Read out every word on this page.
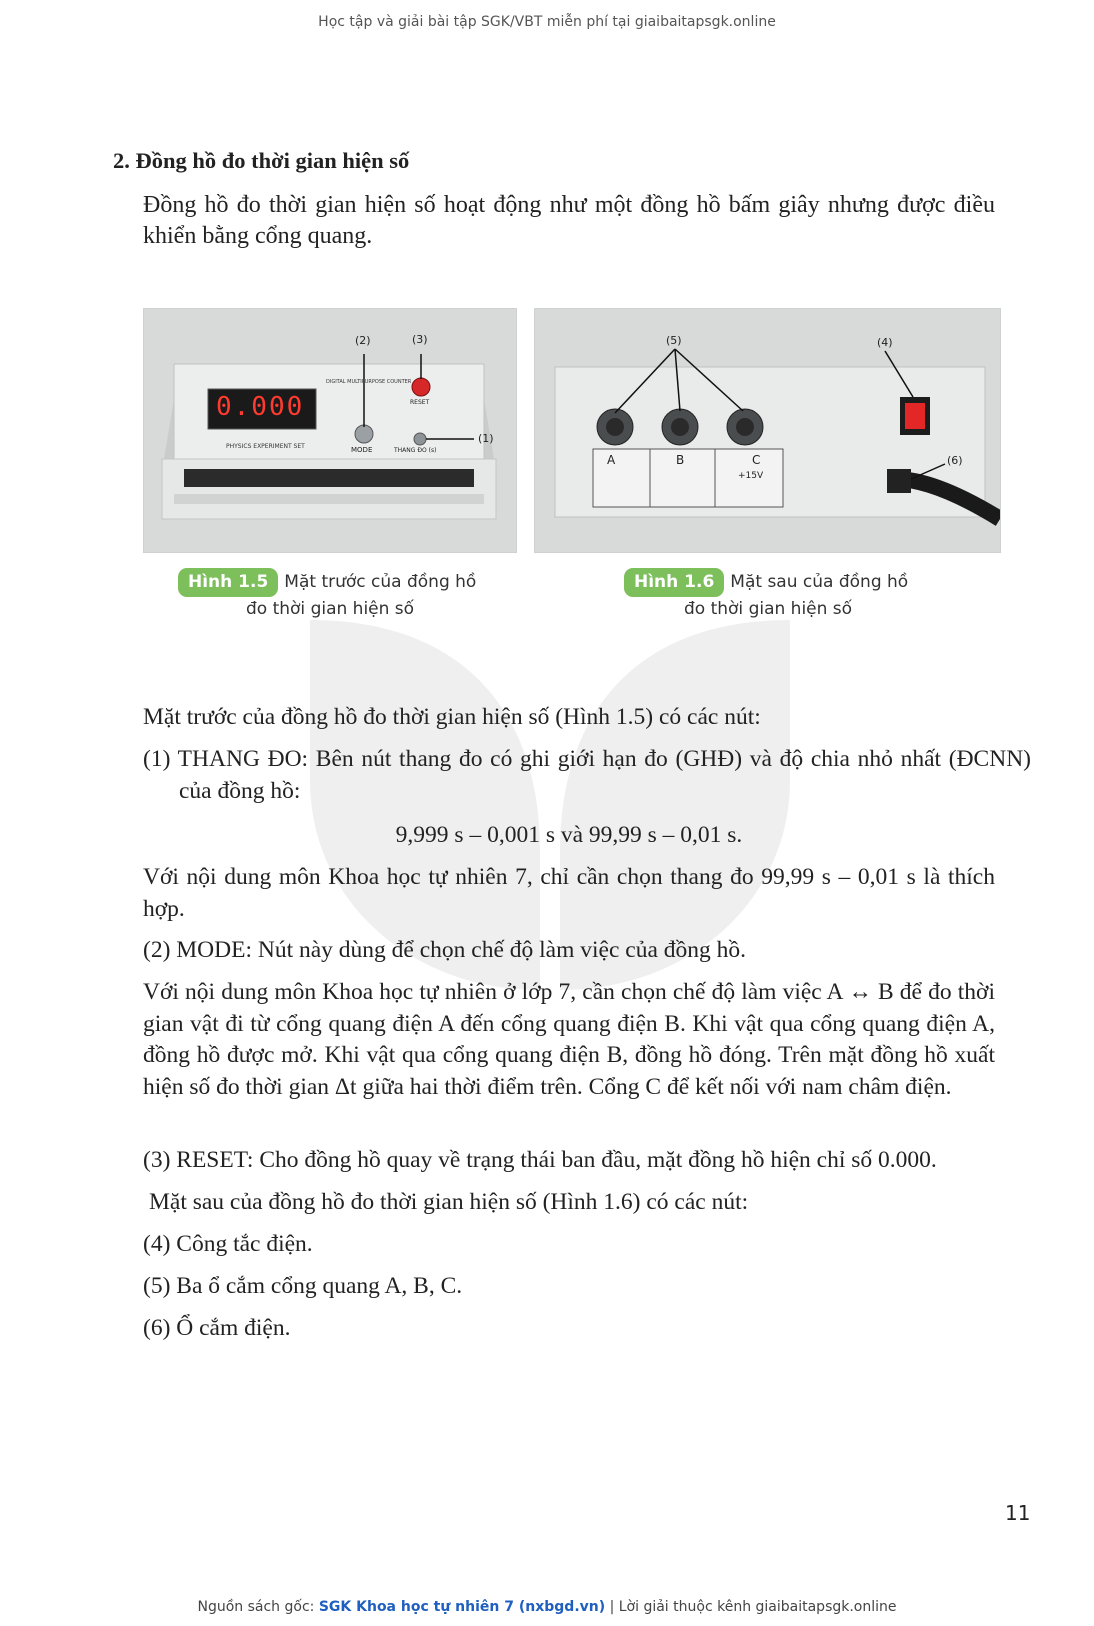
Học tập và giải bài tập SGK/VBT miễn phí tại giaibaitapsgk.online
2. Đồng hồ đo thời gian hiện số
Đồng hồ đo thời gian hiện số hoạt động như một đồng hồ bấm giây nhưng được điều khiển bằng cổng quang.
0.000
DIGITAL MULTIPURPOSE COUNTER
PHYSICS EXPERIMENT SET	MODE
RESET
THANG ĐO (s)
(2)	(3)
(1)
Hình 1.5 Mặt trước của đồng hồ
đo thời gian hiện số
A	B	C
+15V
(5)	(4)
(6)
Hình 1.6 Mặt sau của đồng hồ
đo thời gian hiện số
Mặt trước của đồng hồ đo thời gian hiện số (Hình 1.5) có các nút:
(1) THANG ĐO: Bên nút thang đo có ghi giới hạn đo (GHĐ) và độ chia nhỏ nhất (ĐCNN) của đồng hồ:
9,999 s – 0,001 s và 99,99 s – 0,01 s.
Với nội dung môn Khoa học tự nhiên 7, chỉ cần chọn thang đo 99,99 s – 0,01 s là thích hợp.
(2) MODE: Nút này dùng để chọn chế độ làm việc của đồng hồ.
Với nội dung môn Khoa học tự nhiên ở lớp 7, cần chọn chế độ làm việc A ↔ B để đo thời gian vật đi từ cổng quang điện A đến cổng quang điện B. Khi vật qua cổng quang điện A, đồng hồ được mở. Khi vật qua cổng quang điện B, đồng hồ đóng. Trên mặt đồng hồ xuất hiện số đo thời gian Δt giữa hai thời điểm trên. Cổng C để kết nối với nam châm điện.
(3) RESET: Cho đồng hồ quay về trạng thái ban đầu, mặt đồng hồ hiện chỉ số 0.000.
Mặt sau của đồng hồ đo thời gian hiện số (Hình 1.6) có các nút:
(4) Công tắc điện.
(5) Ba ổ cắm cổng quang A, B, C.
(6) Ổ cắm điện.
11
Nguồn sách gốc: SGK Khoa học tự nhiên 7 (nxbgd.vn) | Lời giải thuộc kênh giaibaitapsgk.online
